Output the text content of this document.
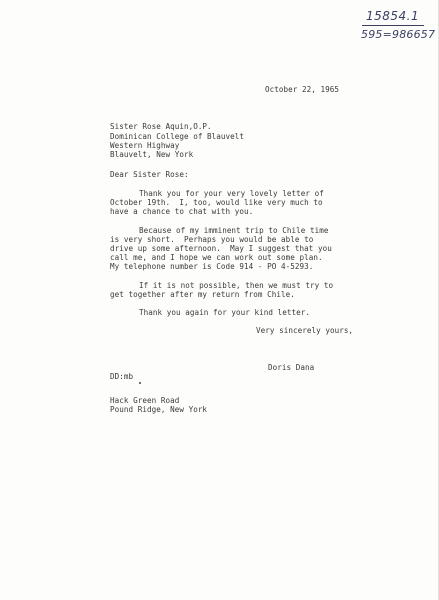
15854.1
595=986657
October 22, 1965
Sister Rose Aquin,O.P.
Dominican College of Blauvelt
Western Highway
Blauvelt, New York
Dear Sister Rose:
Thank you for your very lovely letter of
October 19th.  I, too, would like very much to
have a chance to chat with you.
Because of my imminent trip to Chile time
is very short.  Perhaps you would be able to
drive up some afternoon.  May I suggest that you
call me, and I hope we can work out some plan.
My telephone number is Code 914 - PO 4-5293.
If it is not possible, then we must try to
get together after my return from Chile.
Thank you again for your kind letter.
Very sincerely yours,
Doris Dana
DD:mb
Hack Green Road
Pound Ridge, New York
